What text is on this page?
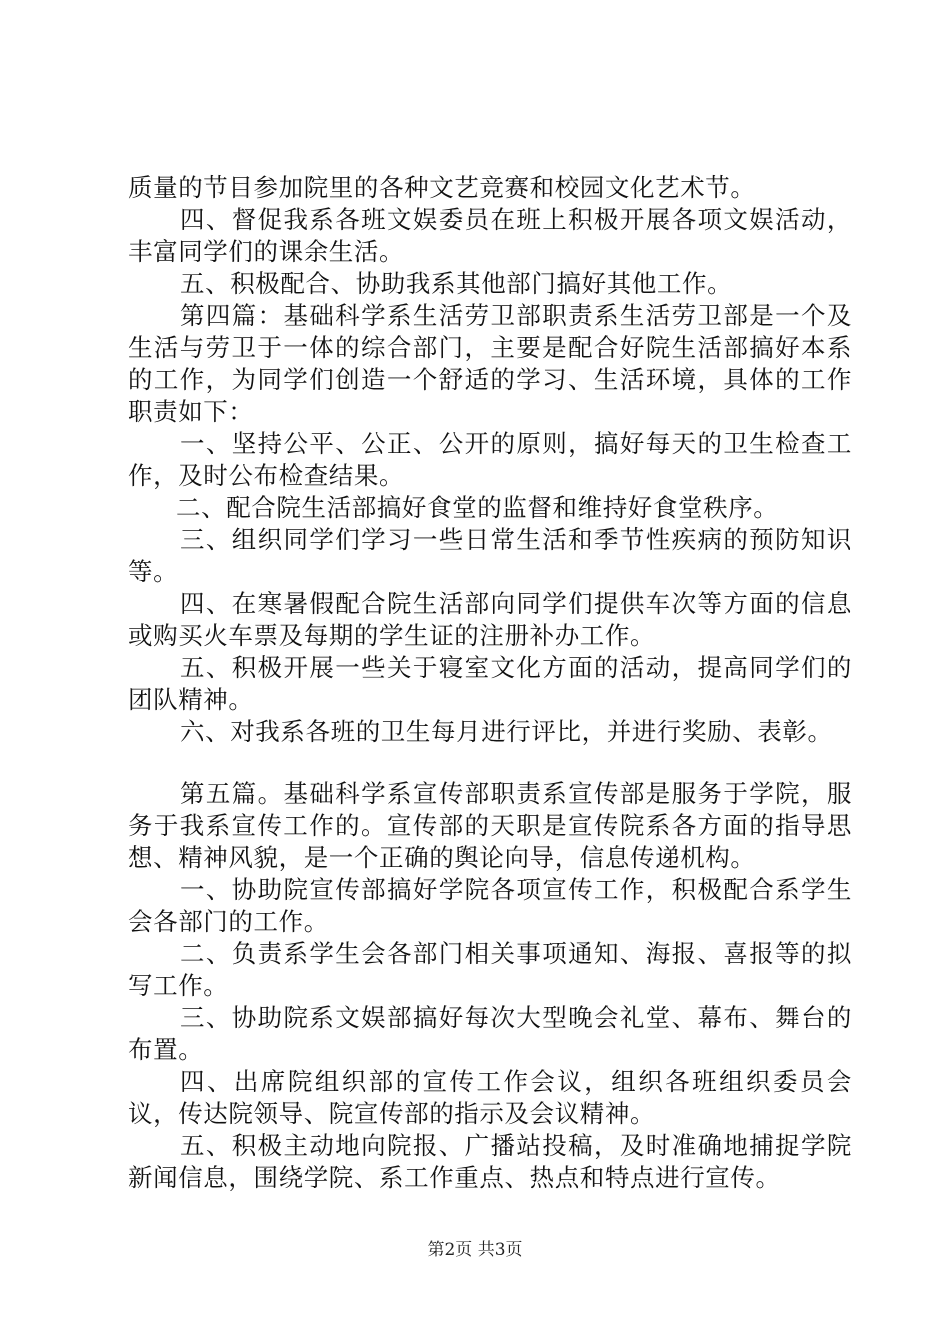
质量的节目参加院里的各种文艺竞赛和校园文化艺术节。

四、督促我系各班文娱委员在班上积极开展各项文娱活动，丰富同学们的课余生活。

五、积极配合、协助我系其他部门搞好其他工作。

第四篇：基础科学系生活劳卫部职责系生活劳卫部是一个及生活与劳卫于一体的综合部门，主要是配合好院生活部搞好本系的工作，为同学们创造一个舒适的学习、生活环境，具体的工作职责如下：

一、坚持公平、公正、公开的原则，搞好每天的卫生检查工作，及时公布检查结果。

二、配合院生活部搞好食堂的监督和维持好食堂秩序。

三、组织同学们学习一些日常生活和季节性疾病的预防知识等。

四、在寒暑假配合院生活部向同学们提供车次等方面的信息或购买火车票及每期的学生证的注册补办工作。

五、积极开展一些关于寝室文化方面的活动，提高同学们的团队精神。

六、对我系各班的卫生每月进行评比，并进行奖励、表彰。

第五篇。基础科学系宣传部职责系宣传部是服务于学院，服务于我系宣传工作的。宣传部的天职是宣传院系各方面的指导思想、精神风貌，是一个正确的舆论向导，信息传递机构。

一、协助院宣传部搞好学院各项宣传工作，积极配合系学生会各部门的工作。

二、负责系学生会各部门相关事项通知、海报、喜报等的拟写工作。

三、协助院系文娱部搞好每次大型晚会礼堂、幕布、舞台的布置。

四、出席院组织部的宣传工作会议，组织各班组织委员会议，传达院领导、院宣传部的指示及会议精神。

五、积极主动地向院报、广播站投稿，及时准确地捕捉学院新闻信息，围绕学院、系工作重点、热点和特点进行宣传。

第2页 共3页
